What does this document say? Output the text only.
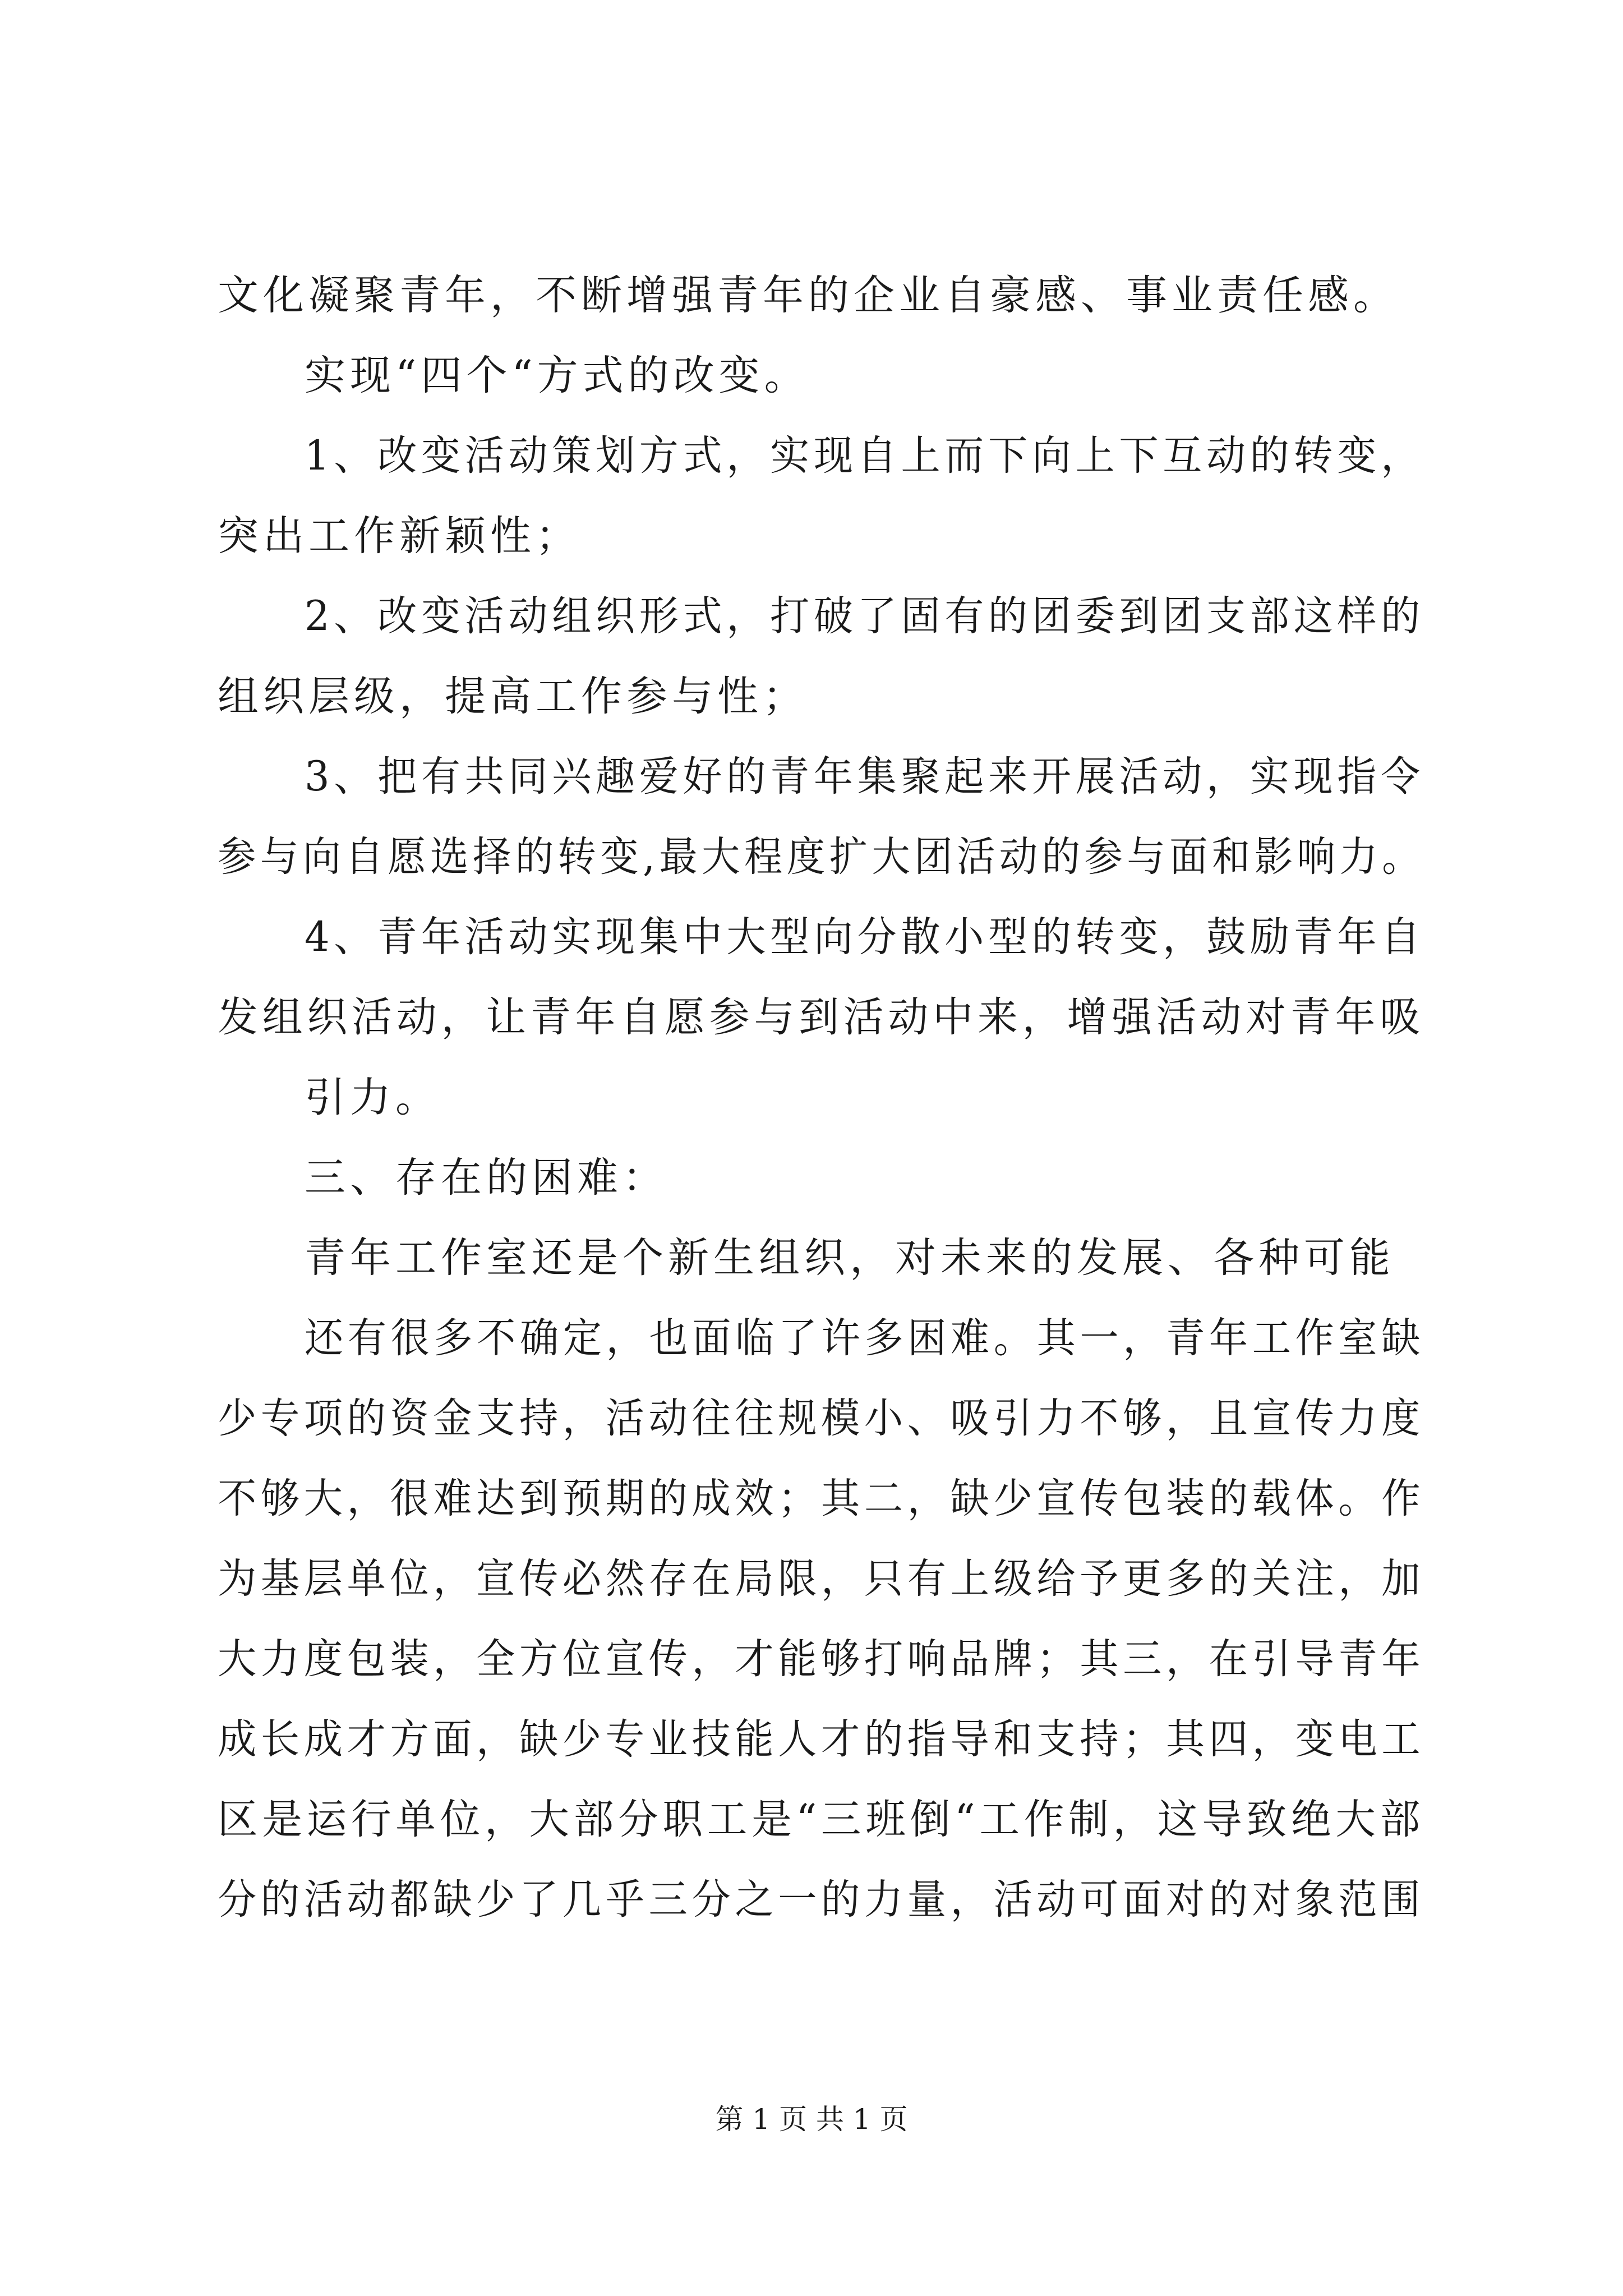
文化凝聚青年，不断增强青年的企业自豪感、事业责任感。
实现“四个“方式的改变。
1、改变活动策划方式，实现自上而下向上下互动的转变，
突出工作新颖性；
2、改变活动组织形式，打破了固有的团委到团支部这样的
组织层级，提高工作参与性；
3、把有共同兴趣爱好的青年集聚起来开展活动，实现指令
参与向自愿选择的转变,最大程度扩大团活动的参与面和影响力。
4、青年活动实现集中大型向分散小型的转变，鼓励青年自
发组织活动，让青年自愿参与到活动中来，增强活动对青年吸
引力。
三、存在的困难：
青年工作室还是个新生组织，对未来的发展、各种可能
还有很多不确定，也面临了许多困难。其一，青年工作室缺
少专项的资金支持，活动往往规模小、吸引力不够，且宣传力度
不够大，很难达到预期的成效；其二，缺少宣传包装的载体。作
为基层单位，宣传必然存在局限，只有上级给予更多的关注，加
大力度包装，全方位宣传，才能够打响品牌；其三，在引导青年
成长成才方面，缺少专业技能人才的指导和支持；其四，变电工
区是运行单位，大部分职工是“三班倒“工作制，这导致绝大部
分的活动都缺少了几乎三分之一的力量，活动可面对的对象范围
第 1 页 共 1 页
